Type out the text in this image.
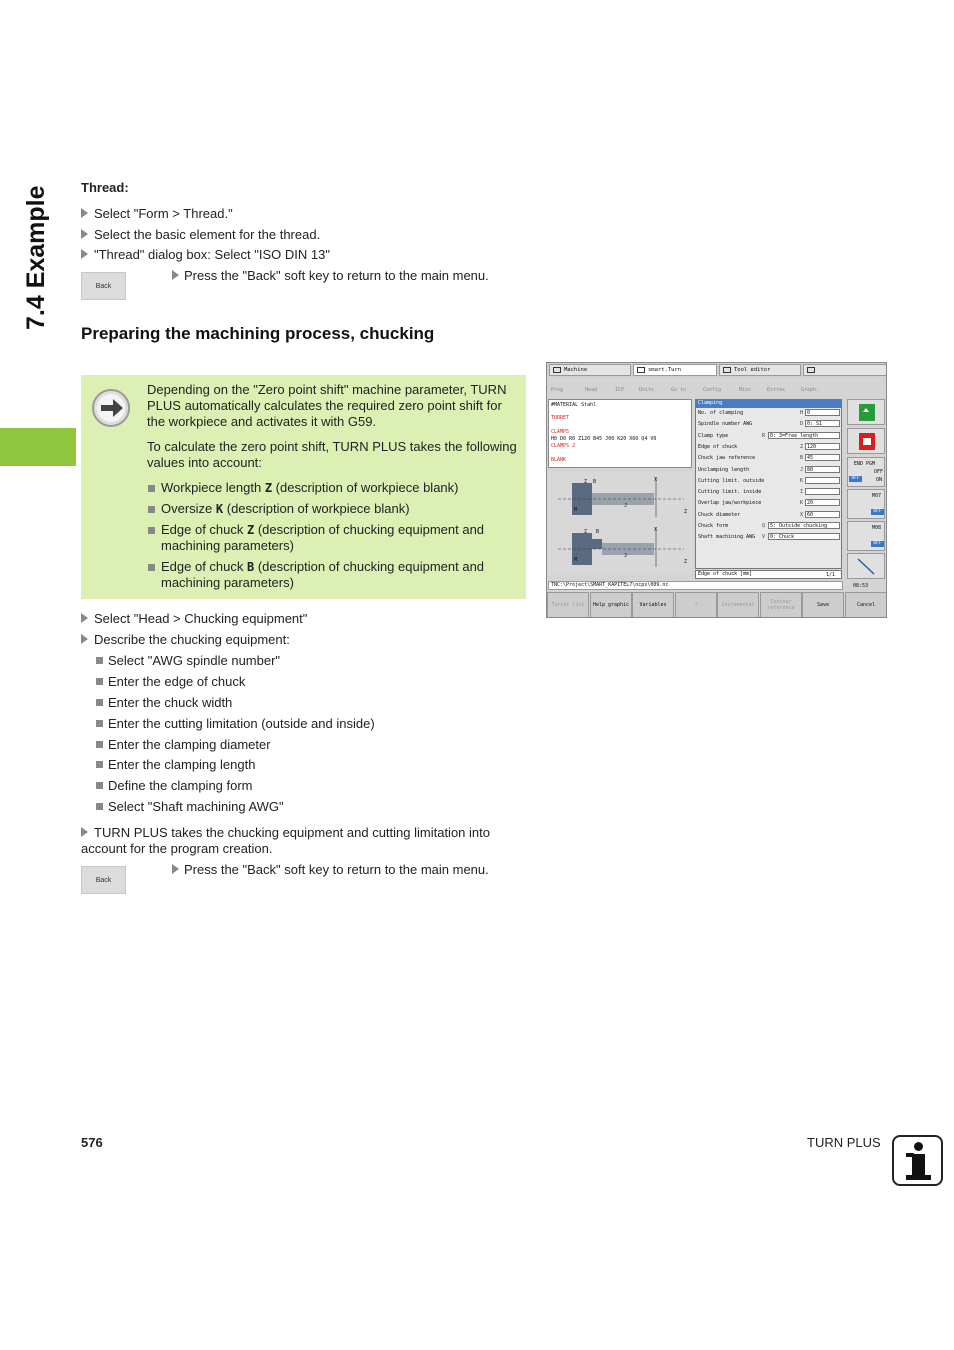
7.4 Example Thread:
Select "Form > Thread."
Select the basic element for the thread.
"Thread" dialog box: Select "ISO DIN 13"
Back
Press the "Back" soft key to return to the main menu.
Preparing the machining process, chucking
Depending on the "Zero point shift" machine parameter, TURN PLUS automatically calculates the required zero point shift for the workpiece and activates it with G59.
To calculate the zero point shift, TURN PLUS takes the following values into account:
Workpiece length Z (description of workpiece blank)
Oversize K (description of workpiece blank)
Edge of chuck Z (description of chucking equipment and machining parameters)
Edge of chuck B (description of chucking equipment and machining parameters)
Select "Head > Chucking equipment"
Describe the chucking equipment:
Select "AWG spindle number"
Enter the edge of chuck
Enter the chuck width
Enter the cutting limitation (outside and inside)
Enter the clamping diameter
Enter the clamping length
Define the clamping form
Select "Shaft machining AWG"
TURN PLUS takes the chucking equipment and cutting limitation into account for the program creation.
Back
Press the "Back" soft key to return to the main menu.
Machine	smart.Turn	Tool editor
Prog	Head	ICP	Units	Go to	Config	Misc	Extras	Graph.
#MATERIAL Stahl
TURRET
CLAMPS
H0 D0 R0 Z120 B45 J00 K20 X60 Q4 V0
CLAMPS 2
BLANK
Z B	X
Z
J
M
Z B	X
Z
J
M
Clamping
No. of clamping	H 0
Spindle number AWG	D 0: S1
Clamp type	R 0: 3=Free length
Edge of chuck	Z 120
Chuck jaw reference	B 45
Unclamping length	J 80
Cutting limit. outside	K
Cutting limit. inside	I
Overlap jaw/workpiece	K 20
Chuck diameter	X 60
Chuck form	Q 5: Outside chucking
Shaft machining AWG V 0: Chuck
Edge of chuck [mm]	1/1
TNC:\Project\SMART_KAPITEL7\ncps\009.nc
END PGM
OFF
OFF
ON
M07
OFF
M08
OFF
08:53
Turret list	Help graphic	Variables	?	Incremental	Contour reference	Save	Cancel
576	TURN PLUS
